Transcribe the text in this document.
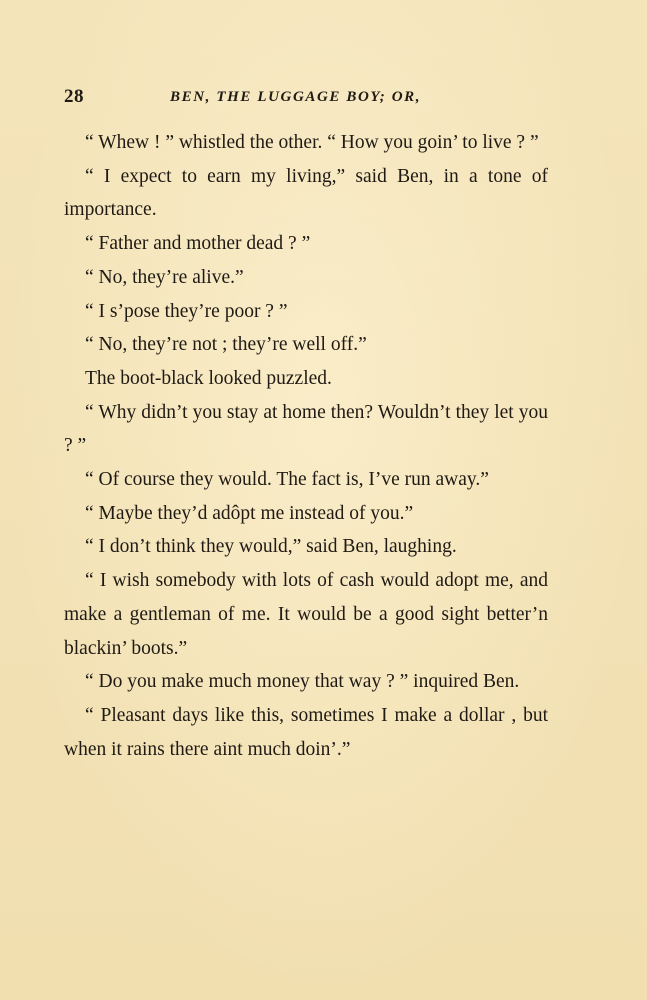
28	BEN, THE LUGGAGE BOY; OR,

“ Whew ! ” whistled the other. “ How you goin’ to live ? ”

“ I expect to earn my living,” said Ben, in a tone of importance.

“ Father and mother dead ? ”

“ No, they’re alive.”

“ I s’pose they’re poor ? ”

“ No, they’re not ; they’re well off.”

The boot-black looked puzzled.

“ Why didn’t you stay at home then? Wouldn’t they let you ? ”

“ Of course they would. The fact is, I’ve run away.”

“ Maybe they’d adôpt me instead of you.”

“ I don’t think they would,” said Ben, laughing.

“ I wish somebody with lots of cash would adopt me, and make a gentleman of me. It would be a good sight better’n blackin’ boots.”

“ Do you make much money that way ? ” inquired Ben.

“ Pleasant days like this, sometimes I make a dollar , but when it rains there aint much doin’.”
